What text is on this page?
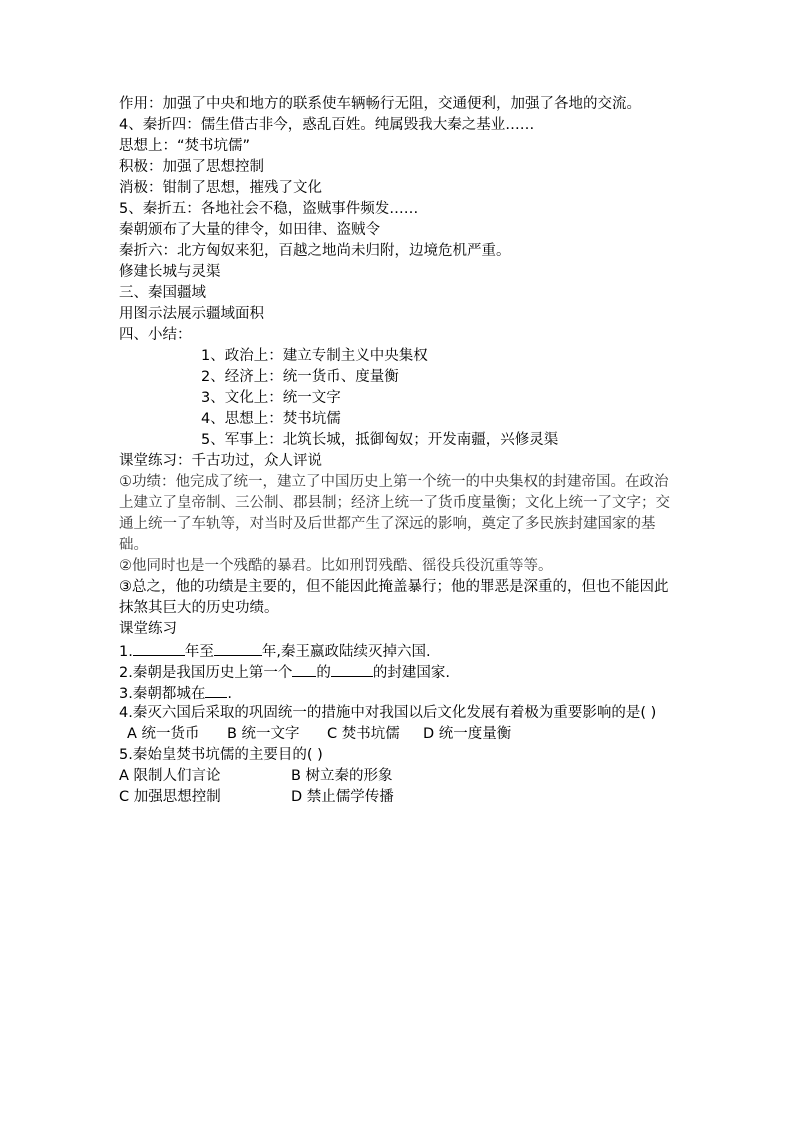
作用：加强了中央和地方的联系使车辆畅行无阻，交通便利，加强了各地的交流。
4、秦折四：儒生借古非今，惑乱百姓。纯属毁我大秦之基业……
思想上：“焚书坑儒”
积极：加强了思想控制
消极：钳制了思想，摧残了文化
5、秦折五：各地社会不稳，盗贼事件频发……
秦朝颁布了大量的律令，如田律、盗贼令
秦折六：北方匈奴来犯，百越之地尚未归附，边境危机严重。
修建长城与灵渠
三、秦国疆域
用图示法展示疆域面积
四、小结：
1、政治上：建立专制主义中央集权
2、经济上：统一货币、度量衡
3、文化上：统一文字
4、思想上：焚书坑儒
5、军事上：北筑长城，抵御匈奴；开发南疆，兴修灵渠
课堂练习：千古功过，众人评说
①功绩：他完成了统一，建立了中国历史上第一个统一的中央集权的封建帝国。在政治上建立了皇帝制、三公制、郡县制；经济上统一了货币度量衡；文化上统一了文字；交通上统一了车轨等，对当时及后世都产生了深远的影响，奠定了多民族封建国家的基础。
②他同时也是一个残酷的暴君。比如刑罚残酷、徭役兵役沉重等等。
③总之，他的功绩是主要的，但不能因此掩盖暴行；他的罪恶是深重的，但也不能因此抹煞其巨大的历史功绩。
课堂练习
1.	年至	年,秦王嬴政陆续灭掉六国.
2.秦朝是我国历史上第一个 的	的封建国家.
3.秦朝都城在 .
4.秦灭六国后采取的巩固统一的措施中对我国以后文化发展有着极为重要影响的是( )
A 统一货币 B 统一文字 C 焚书坑儒 D 统一度量衡
5.秦始皇焚书坑儒的主要目的( )
A 限制人们言论	B 树立秦的形象
C 加强思想控制	D 禁止儒学传播
